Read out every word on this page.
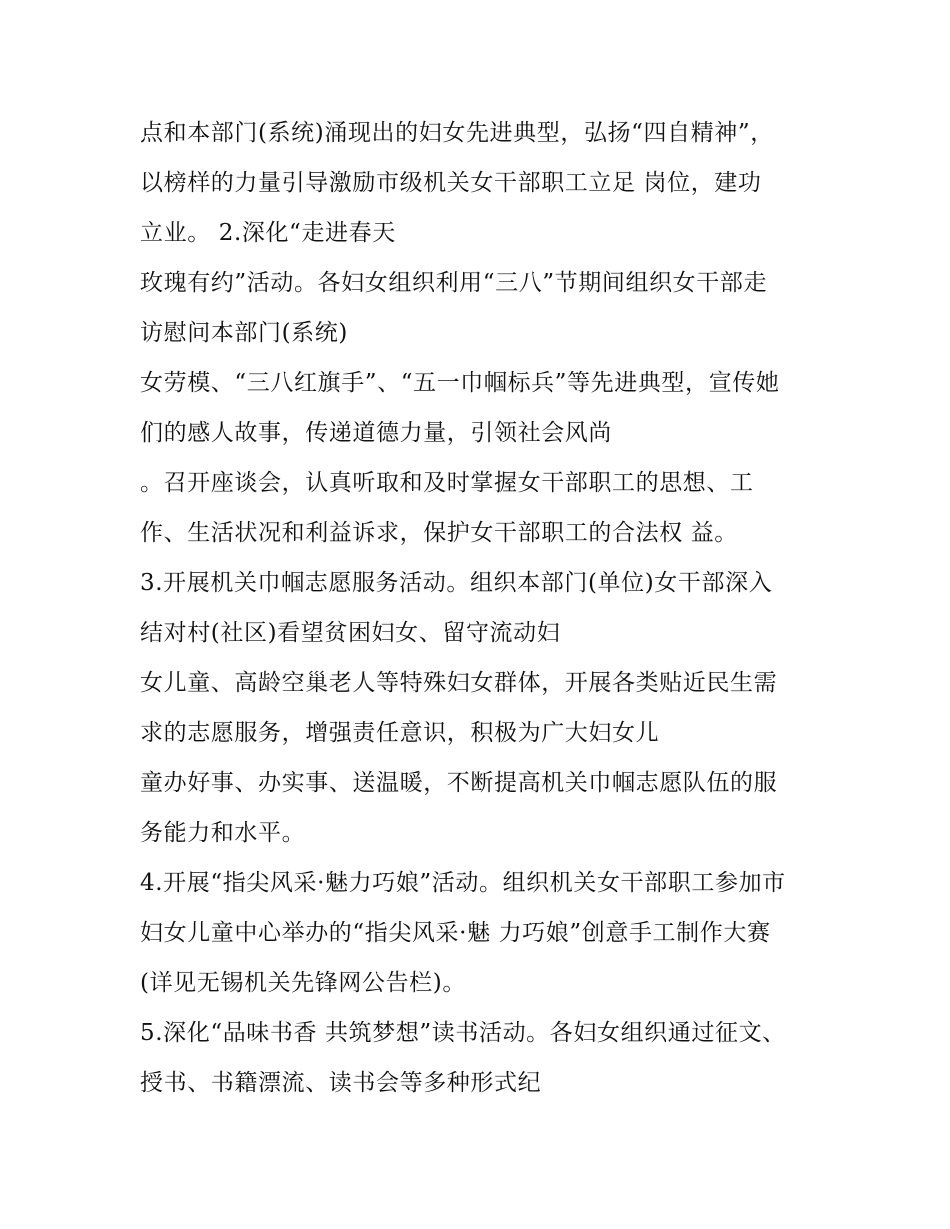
点和本部门(系统)涌现出的妇女先进典型，弘扬“四自精神”，
以榜样的力量引导激励市级机关女干部职工立足 岗位，建功
立业。 2.深化“走进春天
玫瑰有约”活动。各妇女组织利用“三八”节期间组织女干部走
访慰问本部门(系统)
女劳模、“三八红旗手”、“五一巾帼标兵”等先进典型，宣传她
们的感人故事，传递道德力量，引领社会风尚
。召开座谈会，认真听取和及时掌握女干部职工的思想、工
作、生活状况和利益诉求，保护女干部职工的合法权 益。
3.开展机关巾帼志愿服务活动。组织本部门(单位)女干部深入
结对村(社区)看望贫困妇女、留守流动妇
女儿童、高龄空巢老人等特殊妇女群体，开展各类贴近民生需
求的志愿服务，增强责任意识，积极为广大妇女儿
童办好事、办实事、送温暖，不断提高机关巾帼志愿队伍的服
务能力和水平。
4.开展“指尖风采·魅力巧娘”活动。组织机关女干部职工参加市
妇女儿童中心举办的“指尖风采·魅 力巧娘”创意手工制作大赛
(详见无锡机关先锋网公告栏)。
5.深化“品味书香 共筑梦想”读书活动。各妇女组织通过征文、
授书、书籍漂流、读书会等多种形式纪
